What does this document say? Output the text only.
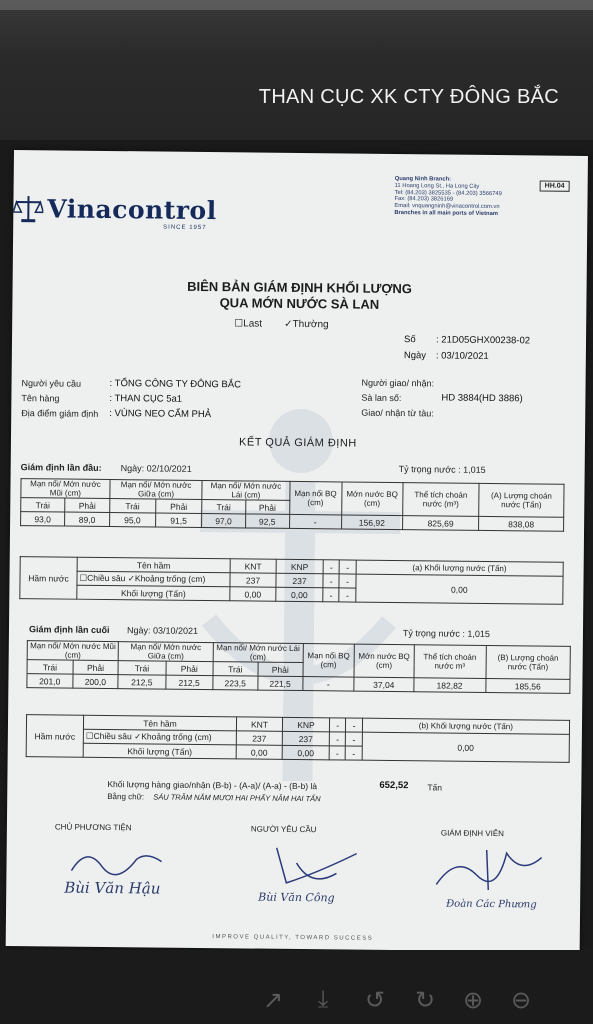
THAN CỤC XK CTY ĐÔNG BẮC
Vinacontrol
SINCE 1957
Quang Ninh Branch:
11 Hoang Long St., Ha Long City
Tel: (84.203) 3825535 - (84.203) 3566749
Fax: (84.203) 3826169
Email: vnquangninh@vinacontrol.com.vn
Branches in all main ports of Vietnam
HH.04
BIÊN BẢN GIÁM ĐỊNH KHỐI LƯỢNG
QUA MỚN NƯỚC SÀ LAN
☐Last ✓Thường
Số : 21D05GHX00238-02
Ngày : 03/10/2021
Người yêu cầu	: TỔNG CÔNG TY ĐÔNG BẮC
Tên hàng	: THAN CỤC 5a1
Địa điểm giám định : VÙNG NEO CẨM PHẢ
Người giao/ nhận:
Sà lan số:	HD 3884(HD 3886)
Giao/ nhận từ tàu:
KẾT QUẢ GIÁM ĐỊNH
Giám định lần đầu: Ngày: 02/10/2021	Tỷ trọng nước : 1,015
Mạn nổi/ Mớn nước Mũi (cm)		Mạn nổi/ Mớn nước Giữa (cm)		Mạn nổi/ Mớn nước Lái (cm)		Mạn nổi BQ (cm)	Mớn nước BQ (cm)	Thể tích choán nước (m³)	(A) Lượng choán nước (Tấn)
Trái	Phải	Trái	Phải	Trái	Phải				
93,0	89,0	95,0	91,5	97,0	92,5	-	156,92	825,69	838,08
Hầm nước	Tên hầm	KNT	KNP	-	-	(a) Khối lượng nước (Tấn)
	☐Chiều sâu ✓Khoảng trống (cm)	237	237	-	-	0,00
	Khối lượng (Tấn)	0,00	0,00	-	-	
Giám định lần cuối Ngày: 03/10/2021	Tỷ trọng nước : 1,015
Mạn nổi/ Mớn nước Mũi (cm)		Mạn nổi/ Mớn nước Giữa (cm)		Mạn nổi/ Mớn nước Lái (cm)		Mạn nổi BQ (cm)	Mớn nước BQ (cm)	Thể tích choán nước m³	(B) Lượng choán nước (Tấn)
Trái	Phải	Trái	Phải	Trái	Phải				
201,0	200,0	212,5	212,5	223,5	221,5	-	37,04	182,82	185,56
Hầm nước	Tên hầm	KNT	KNP	-	-	(b) Khối lượng nước (Tấn)
	☐Chiều sâu ✓Khoảng trống (cm)	237	237	-	-	0,00
	Khối lượng (Tấn)	0,00	0,00	-	-	
Khối lượng hàng giao/nhận (B-b) - (A-a)/ (A-a) - (B-b) là	652,52 Tấn
Bằng chữ: SÁU TRĂM NĂM MƯƠI HAI PHẨY NĂM HAI TẤN
CHỦ PHƯƠNG TIỆN	NGƯỜI YÊU CẦU	GIÁM ĐỊNH VIÊN
Bùi Văn Hậu	Bùi Văn Công
Đoàn Các Phương
IMPROVE QUALITY, TOWARD SUCCESS
↗	⤓	↺ ↻ ⊕ ⊖
